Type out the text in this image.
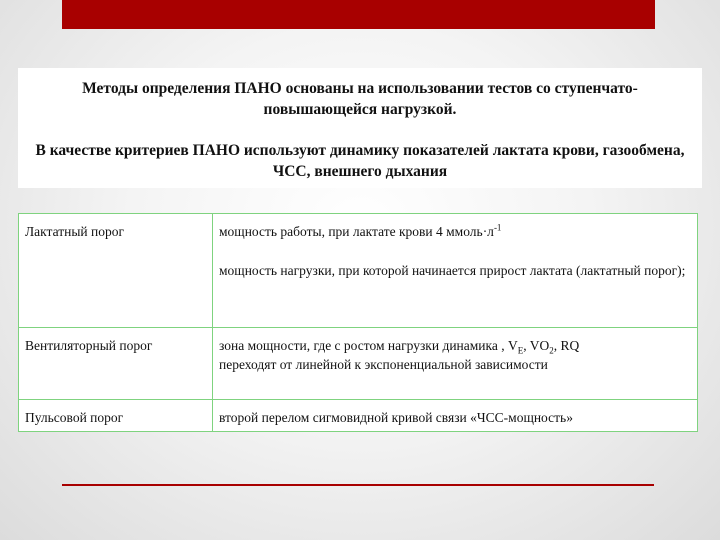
Методы определения ПАНО основаны на использовании тестов со ступенчато-повышающейся нагрузкой.

В качестве критериев ПАНО используют динамику показателей лактата крови, газообмена, ЧСС, внешнего дыхания

Лактатный порог	мощность работы, при лактате крови 4 $ммоль\cdot л^{-1}$
мощность нагрузки, при которой начинается прирост лактата (лактатный порог);

Вентиляторный порог	зона мощности, где с ростом нагрузки динамика , $V_E$, $VO_2$, RQ
переходят от линейной к экспоненциальной зависимости

Пульсовой порог	второй перелом сигмовидной кривой связи «ЧСС-мощность»
